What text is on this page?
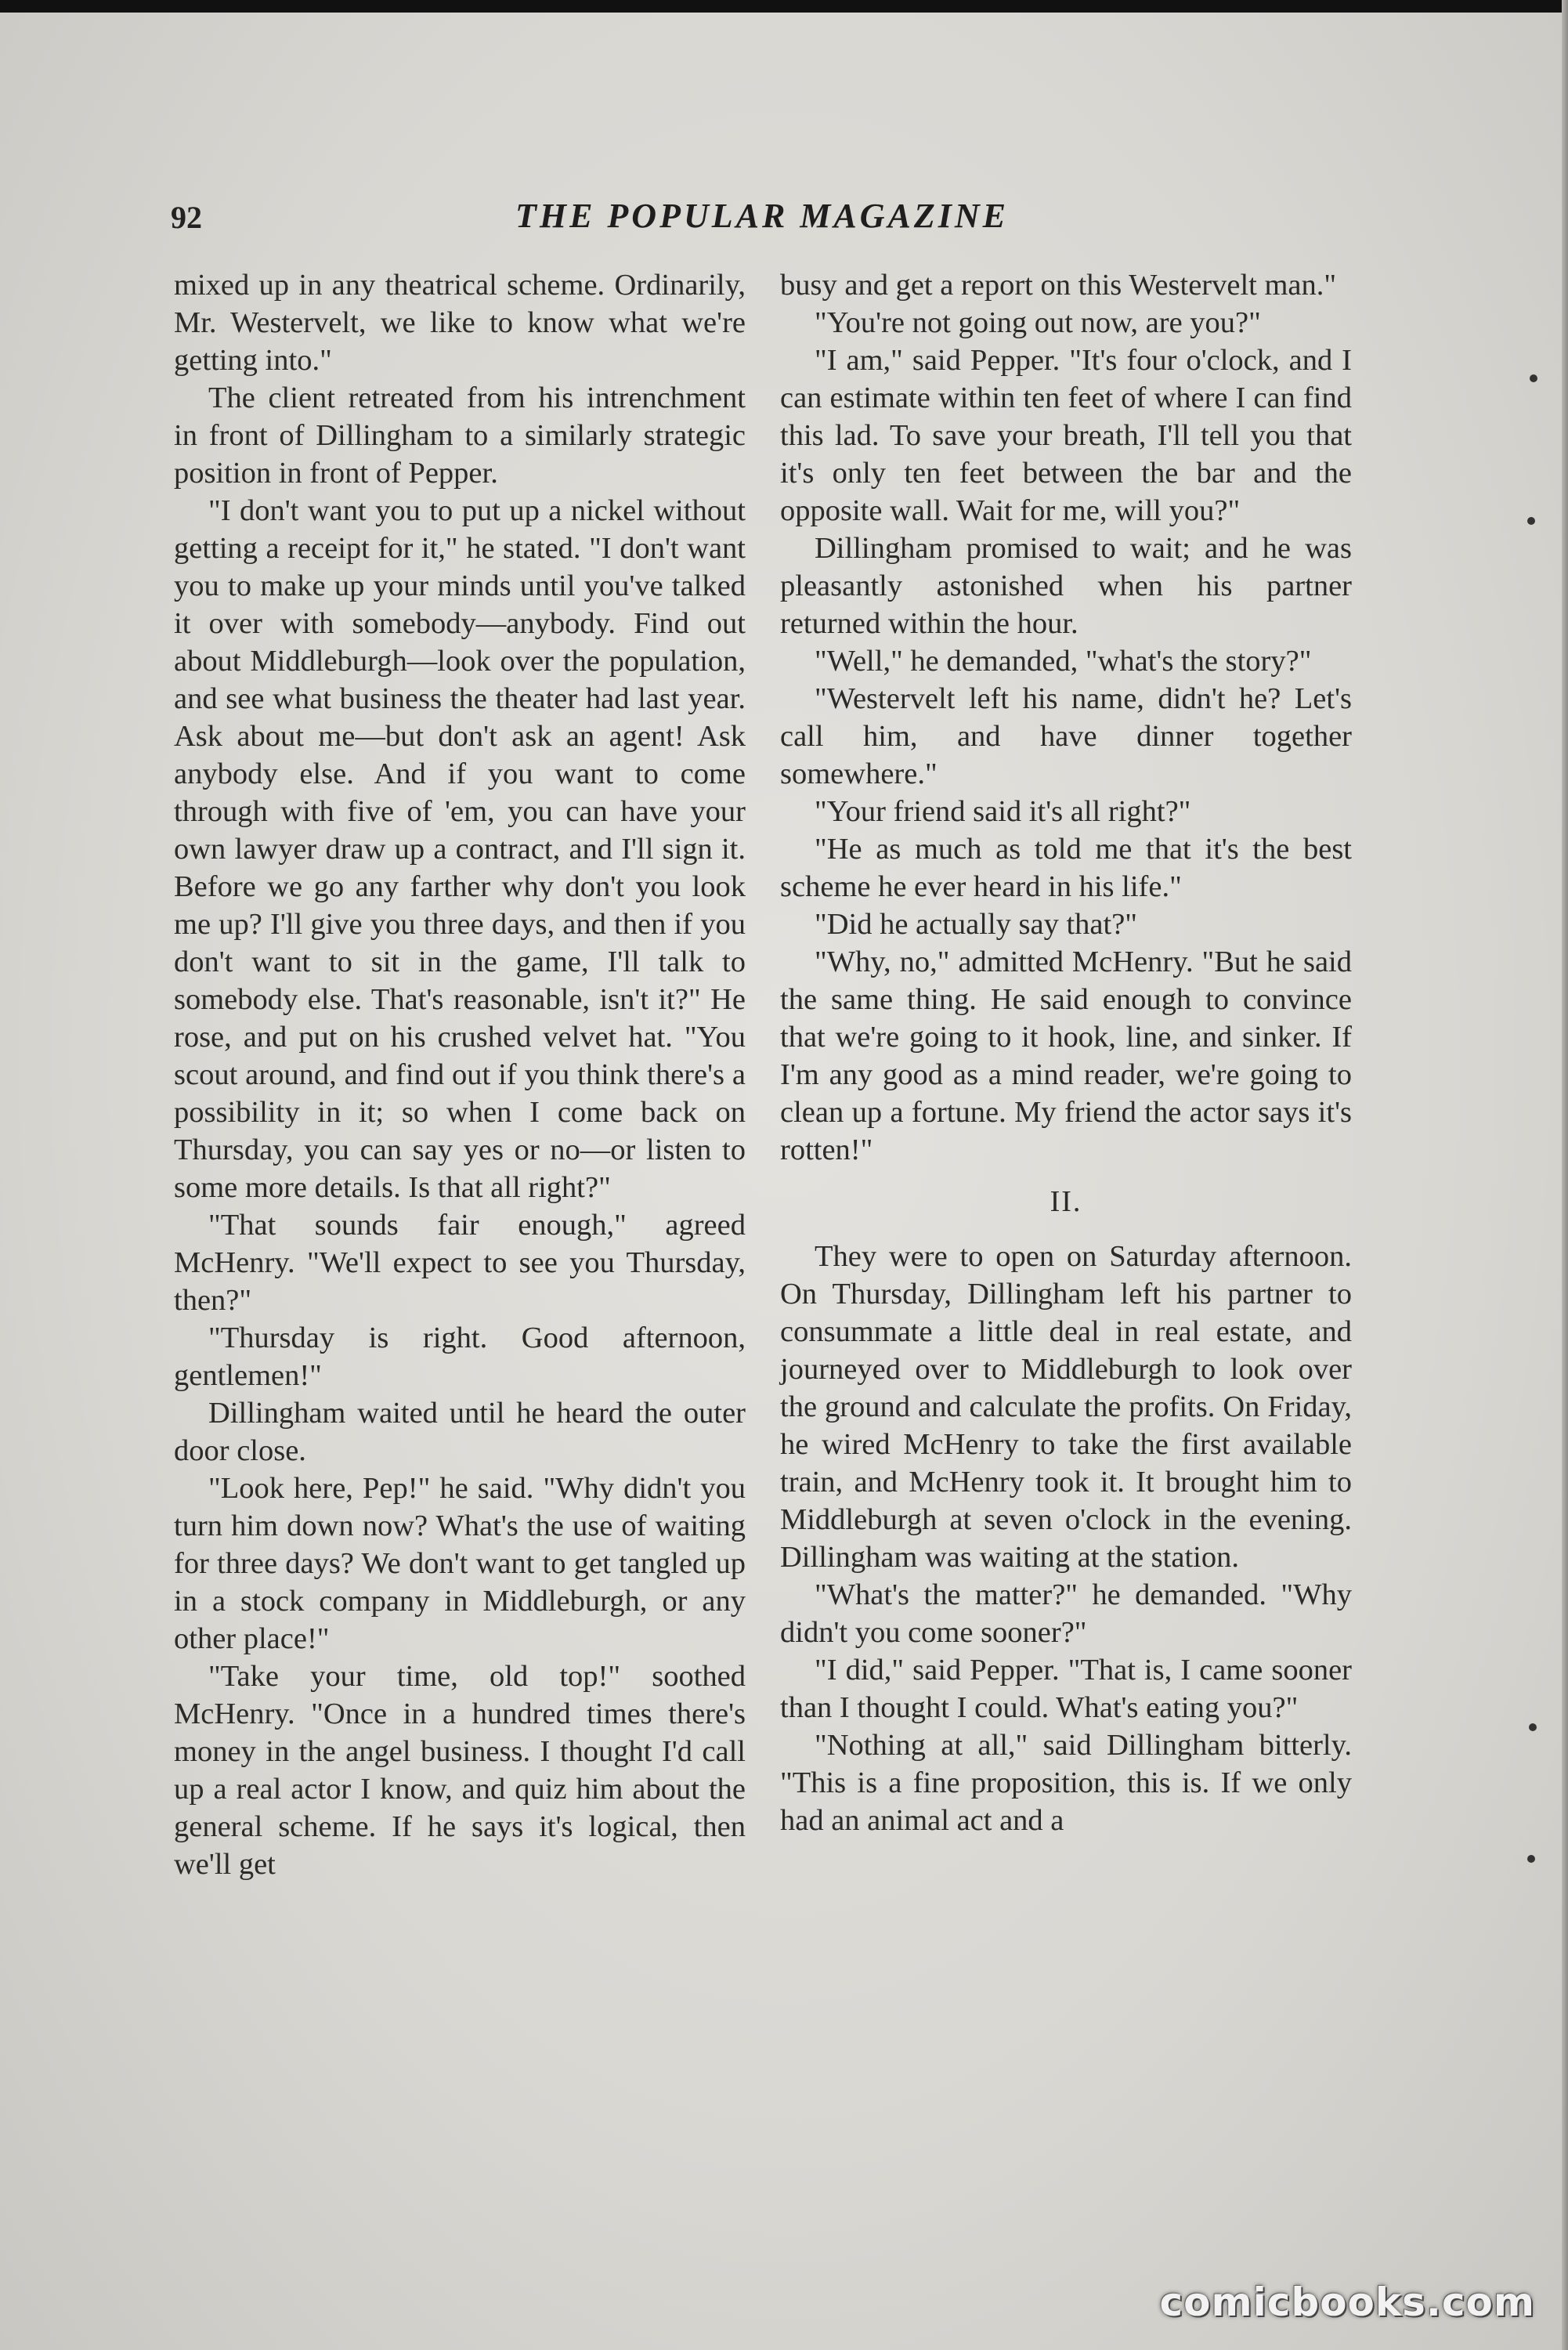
92	THE POPULAR MAGAZINE

mixed up in any theatrical scheme. Ordinarily, Mr. Westervelt, we like to know what we're getting into."

The client retreated from his intrenchment in front of Dillingham to a similarly strategic position in front of Pepper.

"I don't want you to put up a nickel without getting a receipt for it," he stated. "I don't want you to make up your minds until you've talked it over with somebody—anybody. Find out about Middleburgh—look over the population, and see what business the theater had last year. Ask about me—but don't ask an agent! Ask anybody else. And if you want to come through with five of 'em, you can have your own lawyer draw up a contract, and I'll sign it. Before we go any farther why don't you look me up? I'll give you three days, and then if you don't want to sit in the game, I'll talk to somebody else. That's reasonable, isn't it?" He rose, and put on his crushed velvet hat. "You scout around, and find out if you think there's a possibility in it; so when I come back on Thursday, you can say yes or no—or listen to some more details. Is that all right?"

"That sounds fair enough," agreed McHenry. "We'll expect to see you Thursday, then?"

"Thursday is right. Good afternoon, gentlemen!"

Dillingham waited until he heard the outer door close.

"Look here, Pep!" he said. "Why didn't you turn him down now? What's the use of waiting for three days? We don't want to get tangled up in a stock company in Middleburgh, or any other place!"

"Take your time, old top!" soothed McHenry. "Once in a hundred times there's money in the angel business. I thought I'd call up a real actor I know, and quiz him about the general scheme. If he says it's logical, then we'll get

busy and get a report on this Westervelt man."

"You're not going out now, are you?"

"I am," said Pepper. "It's four o'clock, and I can estimate within ten feet of where I can find this lad. To save your breath, I'll tell you that it's only ten feet between the bar and the opposite wall. Wait for me, will you?"

Dillingham promised to wait; and he was pleasantly astonished when his partner returned within the hour.

"Well," he demanded, "what's the story?"

"Westervelt left his name, didn't he? Let's call him, and have dinner together somewhere."

"Your friend said it's all right?"

"He as much as told me that it's the best scheme he ever heard in his life."

"Did he actually say that?"

"Why, no," admitted McHenry. "But he said the same thing. He said enough to convince that we're going to it hook, line, and sinker. If I'm any good as a mind reader, we're going to clean up a fortune. My friend the actor says it's rotten!"

II.

They were to open on Saturday afternoon. On Thursday, Dillingham left his partner to consummate a little deal in real estate, and journeyed over to Middleburgh to look over the ground and calculate the profits. On Friday, he wired McHenry to take the first available train, and McHenry took it. It brought him to Middleburgh at seven o'clock in the evening. Dillingham was waiting at the station.

"What's the matter?" he demanded. "Why didn't you come sooner?"

"I did," said Pepper. "That is, I came sooner than I thought I could. What's eating you?"

"Nothing at all," said Dillingham bitterly. "This is a fine proposition, this is. If we only had an animal act and a

comicbooks.com
